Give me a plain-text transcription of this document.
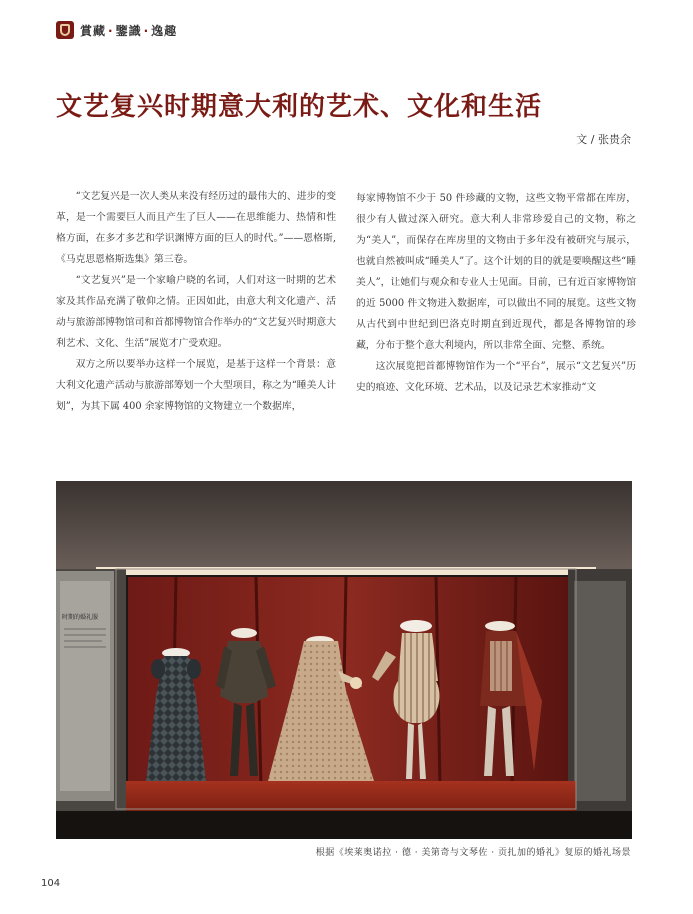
賞藏 · 鑒識 · 逸趣
文艺复兴时期意大利的艺术、文化和生活
文 / 张贵余

“文艺复兴是一次人类从来没有经历过的最伟大的、进步的变革，是一个需要巨人而且产生了巨人——在思维能力、热情和性格方面，在多才多艺和学识渊博方面的巨人的时代。”——恩格斯,《马克思恩格斯选集》第三卷。

“文艺复兴”是一个家喻户晓的名词，人们对这一时期的艺术家及其作品充满了敬仰之情。正因如此，由意大利文化遗产、活动与旅游部博物馆司和首都博物馆合作举办的“文艺复兴时期意大利艺术、文化、生活”展览才广受欢迎。

双方之所以要举办这样一个展览，是基于这样一个背景：意大利文化遗产活动与旅游部筹划一个大型项目，称之为“睡美人计划”，为其下属 400 余家博物馆的文物建立一个数据库，

每家博物馆不少于 50 件珍藏的文物，这些文物平常都在库房，很少有人做过深入研究。意大利人非常珍爱自己的文物，称之为“美人”，而保存在库房里的文物由于多年没有被研究与展示，也就自然被叫成“睡美人”了。这个计划的目的就是要唤醒这些“睡美人”，让她们与观众和专业人士见面。目前，已有近百家博物馆的近 5000 件文物进入数据库，可以做出不同的展览。这些文物从古代到中世纪到巴洛克时期直到近现代，都是各博物馆的珍藏，分布于整个意大利境内，所以非常全面、完整、系统。

这次展览把首都博物馆作为一个“平台”，展示“文艺复兴”历史的痕迹、文化环境、艺术品，以及记录艺术家推动“文

时期的婚礼服
根据《埃莱奥诺拉 · 德 · 美第奇与文琴佐 · 贡扎加的婚礼》复原的婚礼场景
104
